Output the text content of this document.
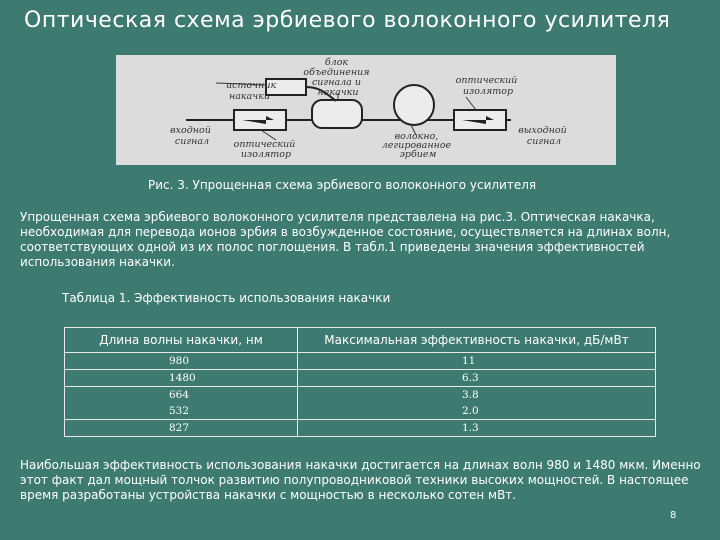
Оптическая схема эрбиевого волоконного усилителя
источник накачки
блок объединения сигнала и накачки
оптический изолятор
входной сигнал	оптический изолятор
волокно, легированное эрбием
выходной сигнал
Рис. 3. Упрощенная схема эрбиевого волоконного усилителя
Упрощенная схема эрбиевого волоконного усилителя представлена на рис.3. Оптическая накачка, необходимая для перевода ионов эрбия в возбужденное состояние, осуществляется на длинах волн, соответствующих одной из их полос поглощения. В табл.1 приведены значения эффективностей использования накачки.
Таблица 1. Эффективность использования накачки
Длина волны накачки, нм	Максимальная эффективность накачки, дБ/мВт
980	11
1480	6.3
664	3.8
532	2.0
827	1.3
Наибольшая эффективность использования накачки достигается на длинах волн 980 и 1480 мкм. Именно этот факт дал мощный толчок развитию полупроводниковой техники высоких мощностей. В настоящее время разработаны устройства накачки с мощностью в несколько сотен мВт.
8
